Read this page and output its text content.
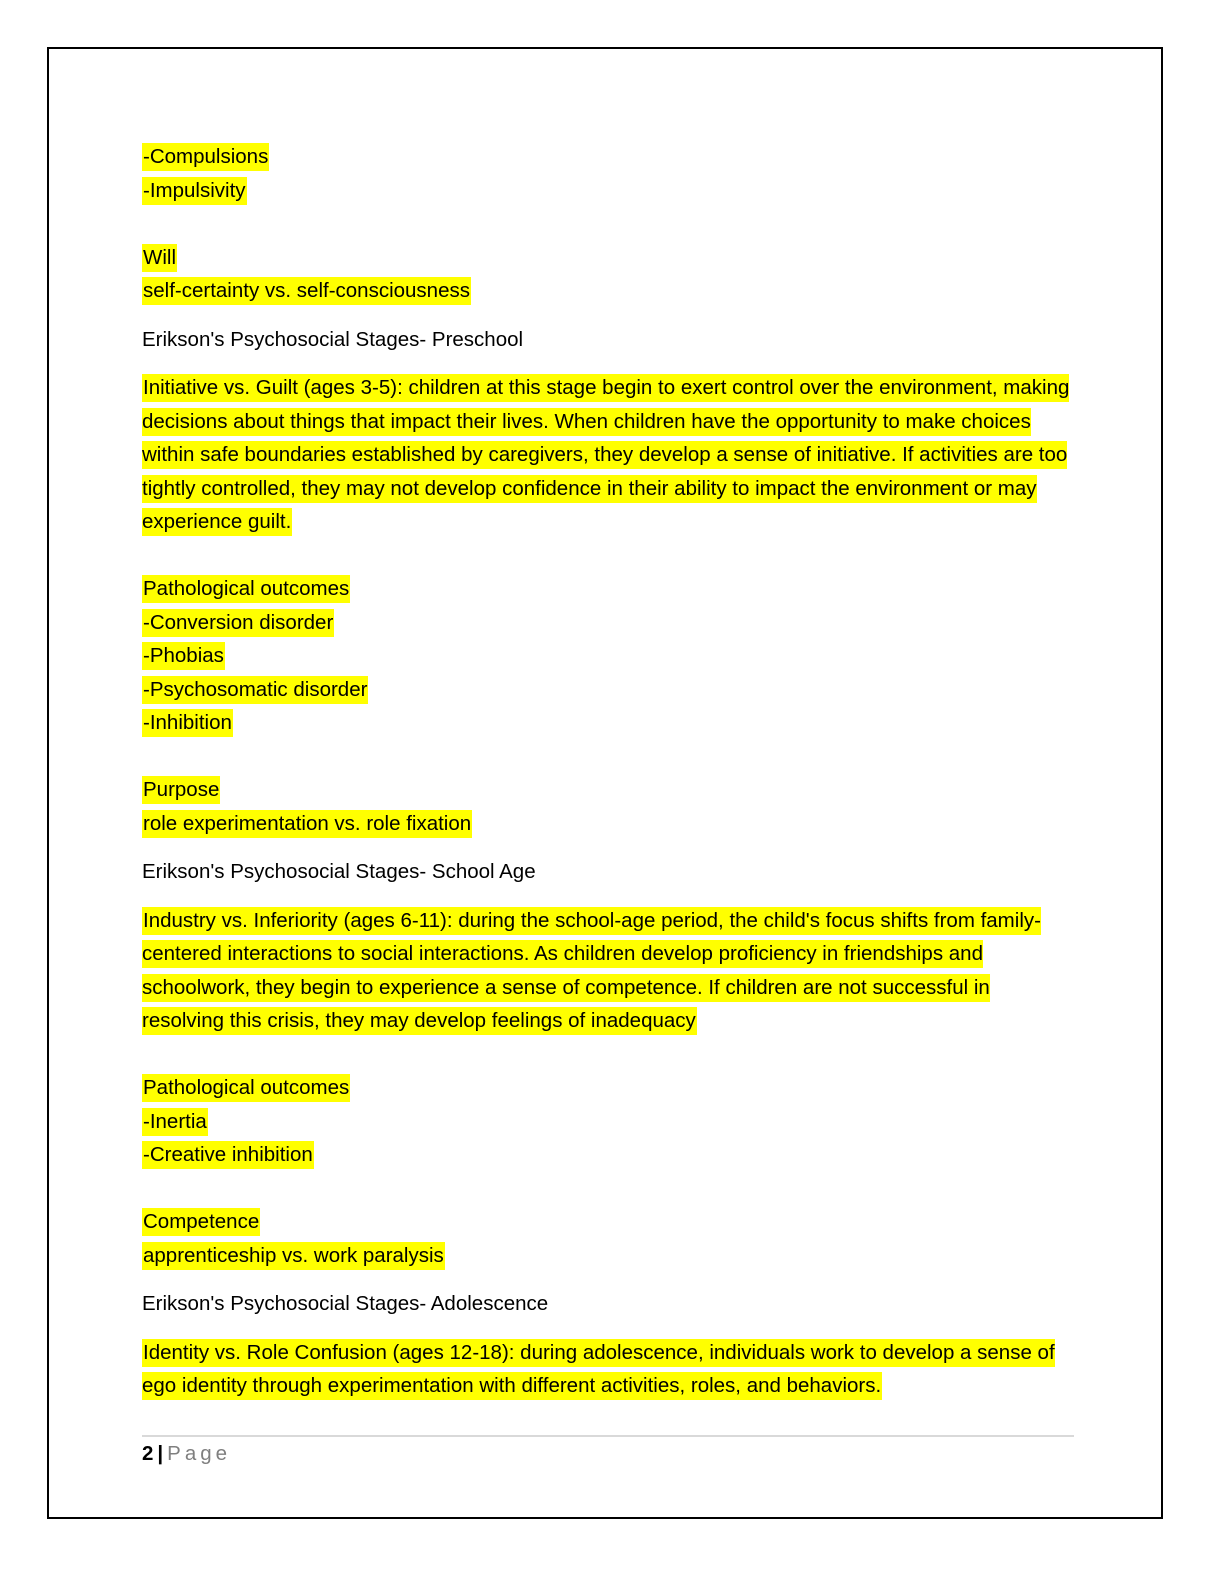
-Compulsions
-Impulsivity
Will
self-certainty vs. self-consciousness
Erikson's Psychosocial Stages- Preschool

Initiative vs. Guilt (ages 3-5): children at this stage begin to exert control over the environment, making decisions about things that impact their lives. When children have the opportunity to make choices within safe boundaries established by caregivers, they develop a sense of initiative. If activities are too tightly controlled, they may not develop confidence in their ability to impact the environment or may experience guilt.

Pathological outcomes
-Conversion disorder
-Phobias
-Psychosomatic disorder
-Inhibition
Purpose
role experimentation vs. role fixation
Erikson's Psychosocial Stages- School Age

Industry vs. Inferiority (ages 6-11): during the school-age period, the child's focus shifts from family-centered interactions to social interactions. As children develop proficiency in friendships and schoolwork, they begin to experience a sense of competence. If children are not successful in resolving this crisis, they may develop feelings of inadequacy

Pathological outcomes
-Inertia
-Creative inhibition
Competence
apprenticeship vs. work paralysis
Erikson's Psychosocial Stages- Adolescence

Identity vs. Role Confusion (ages 12-18): during adolescence, individuals work to develop a sense of ego identity through experimentation with different activities, roles, and behaviors.

2 | Page
